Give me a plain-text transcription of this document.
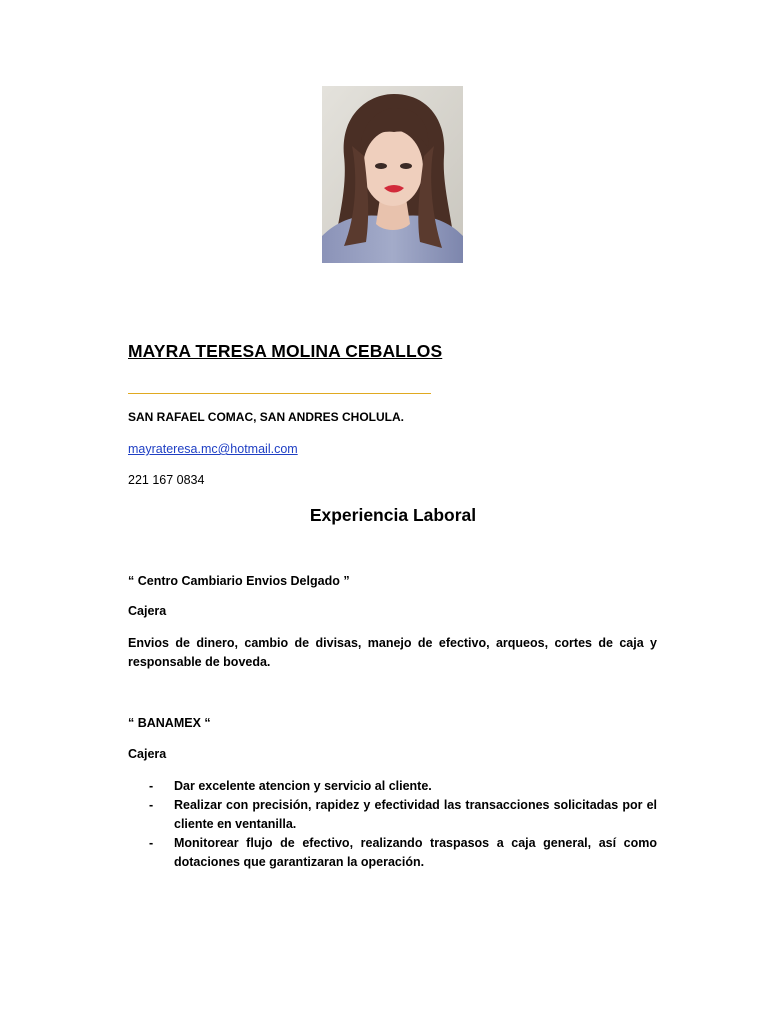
MAYRA TERESA MOLINA CEBALLOS
SAN RAFAEL COMAC, SAN ANDRES CHOLULA.
mayrateresa.mc@hotmail.com
221 167 0834
Experiencia Laboral
“ Centro Cambiario Envios Delgado ”
Cajera
Envios de dinero, cambio de divisas, manejo de efectivo, arqueos, cortes de caja y responsable de boveda.
“ BANAMEX “
Cajera
- Dar excelente atencion y servicio al cliente.
- Realizar con precisión, rapidez y efectividad las transacciones solicitadas por el cliente en ventanilla.
- Monitorear flujo de efectivo, realizando traspasos a caja general, así como dotaciones que garantizaran la operación.
